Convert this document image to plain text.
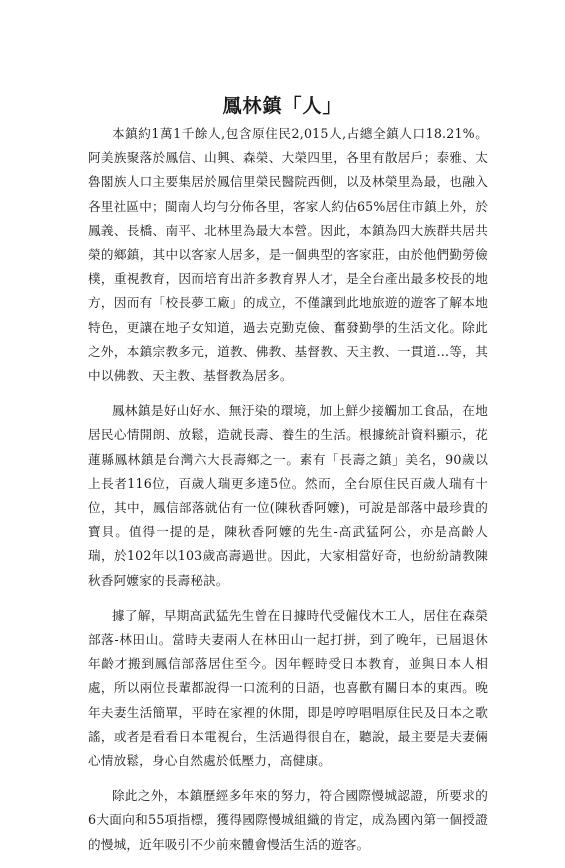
鳳林鎮「人」

本鎮約1萬1千餘人,包含原住民2,015人,占總全鎮人口18.21%。阿美族聚落於鳳信、山興、森榮、大榮四里，各里有散居戶；泰雅、太魯閣族人口主要集居於鳳信里榮民醫院西側，以及林榮里為最，也融入各里社區中；閩南人均勻分佈各里，客家人約佔65%居住市鎮上外，於鳳義、長橋、南平、北林里為最大本營。因此，本鎮為四大族群共居共榮的鄉鎮，其中以客家人居多，是一個典型的客家莊，由於他們勤勞儉樸，重視教育，因而培育出許多教育界人才，是全台產出最多校長的地方，因而有「校長夢工廠」的成立，不僅讓到此地旅遊的遊客了解本地特色，更讓在地子女知道，過去克勤克儉、奮發勤學的生活文化。除此之外，本鎮宗教多元，道教、佛教、基督教、天主教、一貫道…等，其中以佛教、天主教、基督教為居多。

鳳林鎮是好山好水、無汙染的環境，加上鮮少接觸加工食品，在地居民心情開朗、放鬆，造就長壽、養生的生活。根據統計資料顯示，花蓮縣鳳林鎮是台灣六大長壽鄉之一。素有「長壽之鎮」美名，90歲以上長者116位，百歲人瑞更多達5位。然而，全台原住民百歲人瑞有十位，其中，鳳信部落就佔有一位(陳秋香阿嬤)，可說是部落中最珍貴的寶貝。值得一提的是，陳秋香阿嬤的先生-高武猛阿公，亦是高齡人瑞，於102年以103歲高壽過世。因此，大家相當好奇，也紛紛請教陳秋香阿嬤家的長壽秘訣。

據了解，早期高武猛先生曾在日據時代受僱伐木工人，居住在森榮部落-林田山。當時夫妻兩人在林田山一起打拼，到了晚年，已屆退休年齡才搬到鳳信部落居住至今。因年輕時受日本教育，並與日本人相處，所以兩位長輩都說得一口流利的日語，也喜歡有關日本的東西。晚年夫妻生活簡單，平時在家裡的休閒，即是哼哼唱唱原住民及日本之歌謠，或者是看看日本電視台，生活過得很自在，聽說，最主要是夫妻倆心情放鬆，身心自然處於低壓力，高健康。

除此之外，本鎮歷經多年來的努力，符合國際慢城認證，所要求的6大面向和55項指標，獲得國際慢城組織的肯定，成為國內第一個授證的慢城，近年吸引不少前來體會慢活生活的遊客。
